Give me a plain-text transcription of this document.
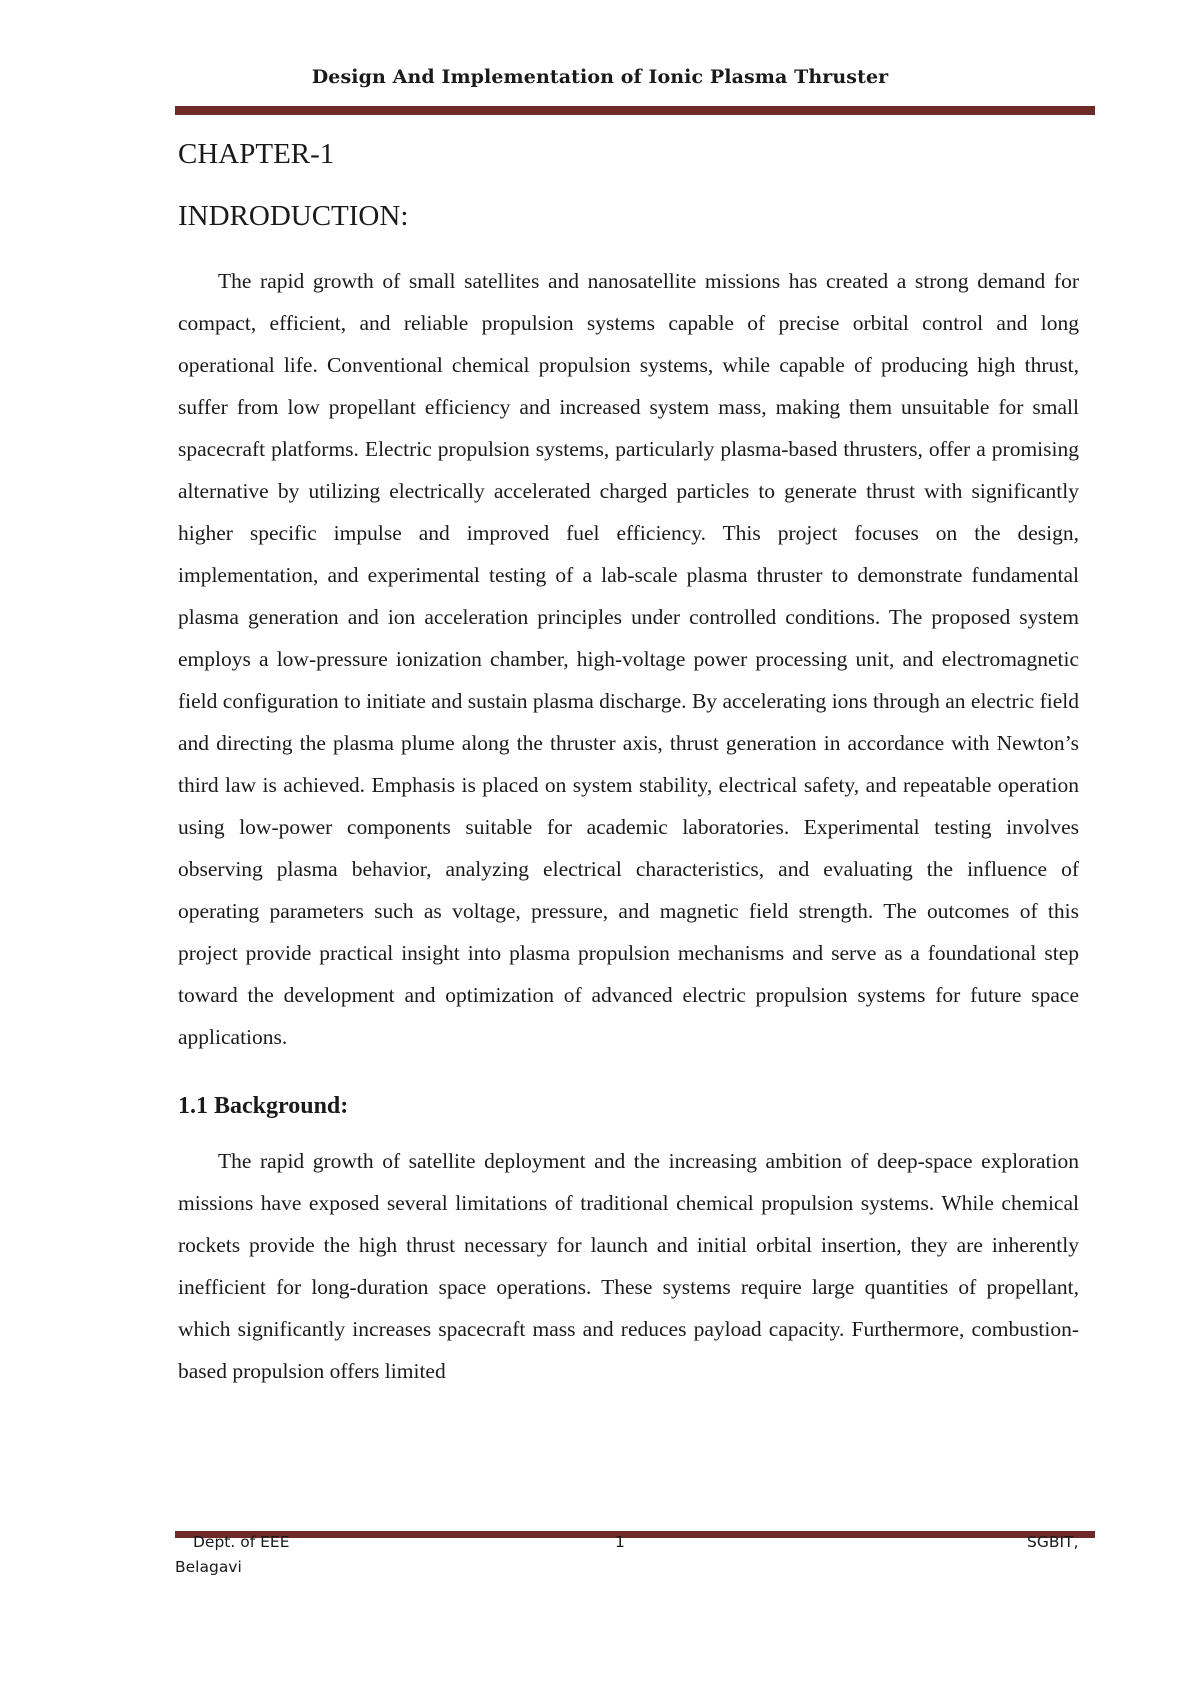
Design And Implementation of Ionic Plasma Thruster
CHAPTER-1
INDRODUCTION:

The rapid growth of small satellites and nanosatellite missions has created a strong demand for compact, efficient, and reliable propulsion systems capable of precise orbital control and long operational life. Conventional chemical propulsion systems, while capable of producing high thrust, suffer from low propellant efficiency and increased system mass, making them unsuitable for small spacecraft platforms. Electric propulsion systems, particularly plasma-based thrusters, offer a promising alternative by utilizing electrically accelerated charged particles to generate thrust with significantly higher specific impulse and improved fuel efficiency. This project focuses on the design, implementation, and experimental testing of a lab-scale plasma thruster to demonstrate fundamental plasma generation and ion acceleration principles under controlled conditions. The proposed system employs a low-pressure ionization chamber, high-voltage power processing unit, and electromagnetic field configuration to initiate and sustain plasma discharge. By accelerating ions through an electric field and directing the plasma plume along the thruster axis, thrust generation in accordance with Newton’s third law is achieved. Emphasis is placed on system stability, electrical safety, and repeatable operation using low-power components suitable for academic laboratories. Experimental testing involves observing plasma behavior, analyzing electrical characteristics, and evaluating the influence of operating parameters such as voltage, pressure, and magnetic field strength. The outcomes of this project provide practical insight into plasma propulsion mechanisms and serve as a foundational step toward the development and optimization of advanced electric propulsion systems for future space applications.

1.1 Background:

The rapid growth of satellite deployment and the increasing ambition of deep-space exploration missions have exposed several limitations of traditional chemical propulsion systems. While chemical rockets provide the high thrust necessary for launch and initial orbital insertion, they are inherently inefficient for long-duration space operations. These systems require large quantities of propellant, which significantly increases spacecraft mass and reduces payload capacity. Furthermore, combustion-based propulsion offers limited

Dept. of EEE	1	SGBIT,
Belagavi
